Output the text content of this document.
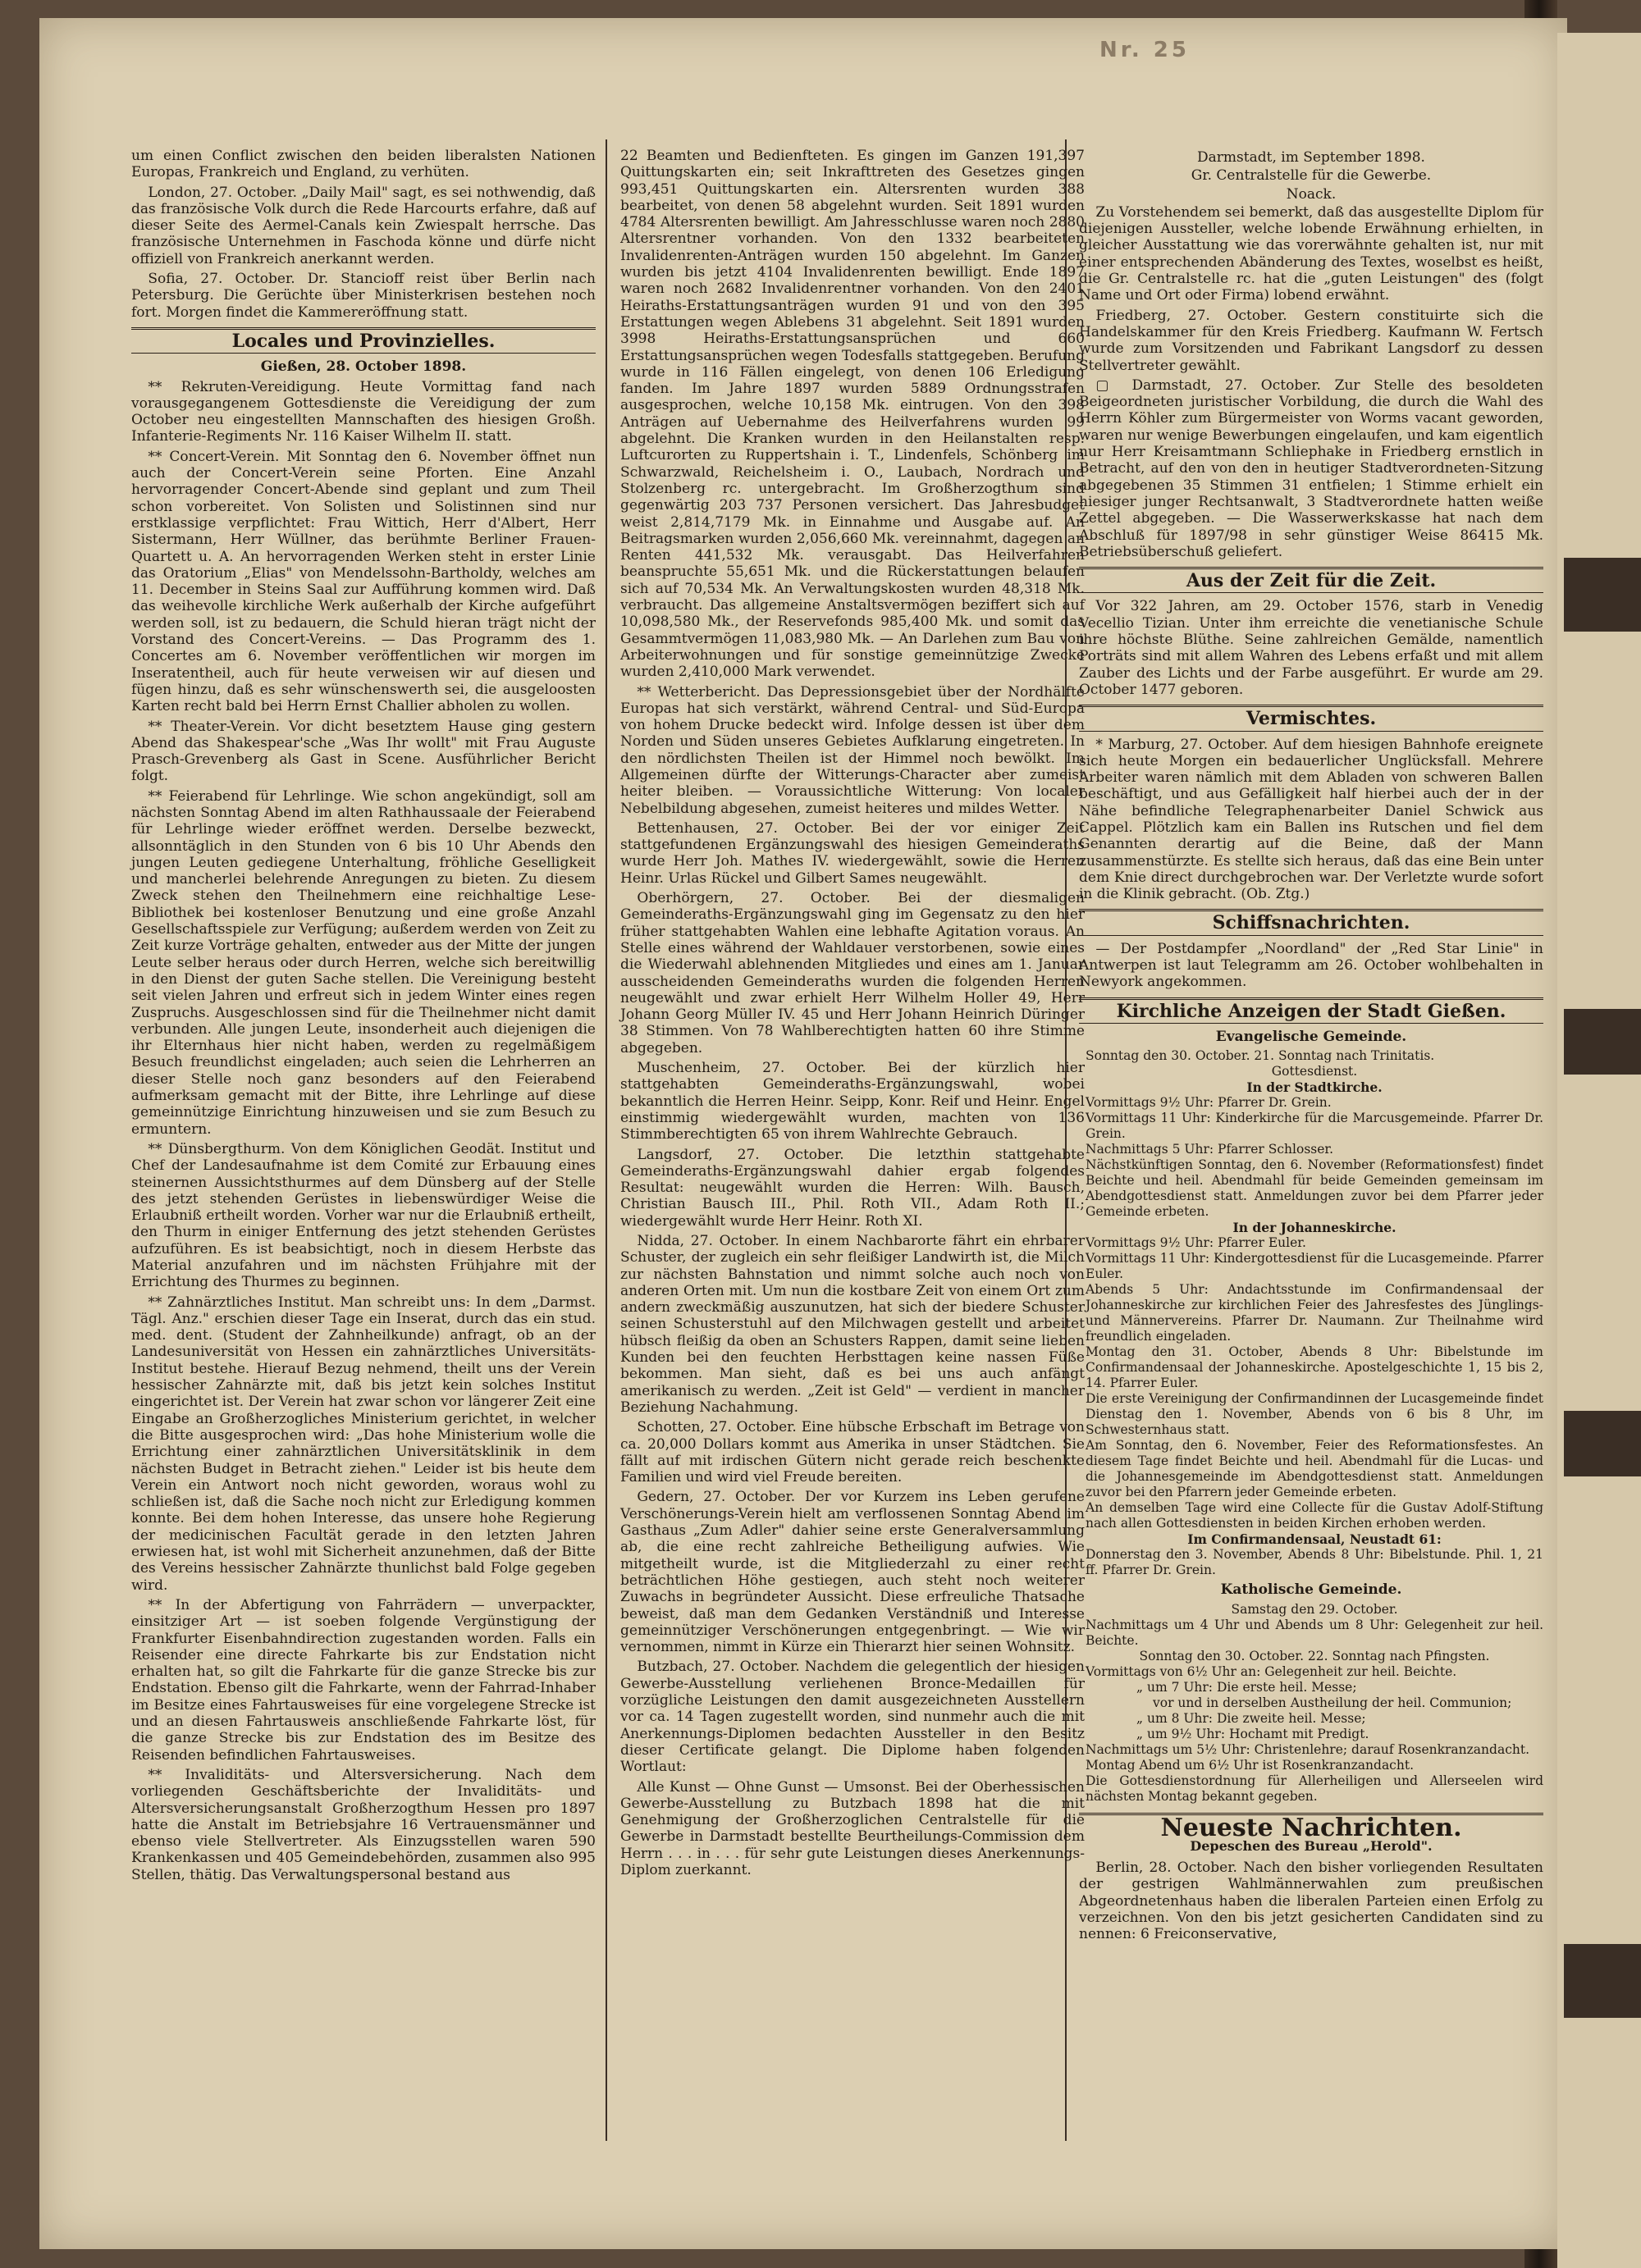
Nr. 25

um einen Conflict zwischen den beiden liberalsten Nationen Europas, Frankreich und England, zu verhüten.

London, 27. October. „Daily Mail" sagt, es sei nothwendig, daß das französische Volk durch die Rede Harcourts erfahre, daß auf dieser Seite des Aermel-Canals kein Zwiespalt herrsche. Das französische Unternehmen in Faschoda könne und dürfe nicht offiziell von Frankreich anerkannt werden.

Sofia, 27. October. Dr. Stancioff reist über Berlin nach Petersburg. Die Gerüchte über Ministerkrisen bestehen noch fort. Morgen findet die Kammereröffnung statt.

Locales und Provinzielles.
Gießen, 28. October 1898.

** Rekruten-Vereidigung. Heute Vormittag fand nach vorausgegangenem Gottesdienste die Vereidigung der zum October neu eingestellten Mannschaften des hiesigen Großh. Infanterie-Regiments Nr. 116 Kaiser Wilhelm II. statt.

** Concert-Verein. Mit Sonntag den 6. November öffnet nun auch der Concert-Verein seine Pforten. Eine Anzahl hervorragender Concert-Abende sind geplant und zum Theil schon vorbereitet. Von Solisten und Solistinnen sind nur erstklassige verpflichtet: Frau Wittich, Herr d'Albert, Herr Sistermann, Herr Wüllner, das berühmte Berliner Frauen-Quartett u. A. An hervorragenden Werken steht in erster Linie das Oratorium „Elias" von Mendelssohn-Bartholdy, welches am 11. December in Steins Saal zur Aufführung kommen wird. Daß das weihevolle kirchliche Werk außerhalb der Kirche aufgeführt werden soll, ist zu bedauern, die Schuld hieran trägt nicht der Vorstand des Concert-Vereins. — Das Programm des 1. Concertes am 6. November veröffentlichen wir morgen im Inseratentheil, auch für heute verweisen wir auf diesen und fügen hinzu, daß es sehr wünschenswerth sei, die ausgeloosten Karten recht bald bei Herrn Ernst Challier abholen zu wollen.

** Theater-Verein. Vor dicht besetztem Hause ging gestern Abend das Shakespear'sche „Was Ihr wollt" mit Frau Auguste Prasch-Grevenberg als Gast in Scene. Ausführlicher Bericht folgt.

** Feierabend für Lehrlinge. Wie schon angekündigt, soll am nächsten Sonntag Abend im alten Rathhaussaale der Feierabend für Lehrlinge wieder eröffnet werden. Derselbe bezweckt, allsonntäglich in den Stunden von 6 bis 10 Uhr Abends den jungen Leuten gediegene Unterhaltung, fröhliche Geselligkeit und mancherlei belehrende Anregungen zu bieten. Zu diesem Zweck stehen den Theilnehmern eine reichhaltige Lese-Bibliothek bei kostenloser Benutzung und eine große Anzahl Gesellschaftsspiele zur Verfügung; außerdem werden von Zeit zu Zeit kurze Vorträge gehalten, entweder aus der Mitte der jungen Leute selber heraus oder durch Herren, welche sich bereitwillig in den Dienst der guten Sache stellen. Die Vereinigung besteht seit vielen Jahren und erfreut sich in jedem Winter eines regen Zuspruchs. Ausgeschlossen sind für die Theilnehmer nicht damit verbunden. Alle jungen Leute, insonderheit auch diejenigen die ihr Elternhaus hier nicht haben, werden zu regelmäßigem Besuch freundlichst eingeladen; auch seien die Lehrherren an dieser Stelle noch ganz besonders auf den Feierabend aufmerksam gemacht mit der Bitte, ihre Lehrlinge auf diese gemeinnützige Einrichtung hinzuweisen und sie zum Besuch zu ermuntern.

** Dünsbergthurm. Von dem Königlichen Geodät. Institut und Chef der Landesaufnahme ist dem Comité zur Erbauung eines steinernen Aussichtsthurmes auf dem Dünsberg auf der Stelle des jetzt stehenden Gerüstes in liebenswürdiger Weise die Erlaubniß ertheilt worden. Vorher war nur die Erlaubniß ertheilt, den Thurm in einiger Entfernung des jetzt stehenden Gerüstes aufzuführen. Es ist beabsichtigt, noch in diesem Herbste das Material anzufahren und im nächsten Frühjahre mit der Errichtung des Thurmes zu beginnen.

** Zahnärztliches Institut. Man schreibt uns: In dem „Darmst. Tägl. Anz." erschien dieser Tage ein Inserat, durch das ein stud. med. dent. (Student der Zahnheilkunde) anfragt, ob an der Landesuniversität von Hessen ein zahnärztliches Universitäts-Institut bestehe. Hierauf Bezug nehmend, theilt uns der Verein hessischer Zahnärzte mit, daß bis jetzt kein solches Institut eingerichtet ist. Der Verein hat zwar schon vor längerer Zeit eine Eingabe an Großherzogliches Ministerium gerichtet, in welcher die Bitte ausgesprochen wird: „Das hohe Ministerium wolle die Errichtung einer zahnärztlichen Universitätsklinik in dem nächsten Budget in Betracht ziehen." Leider ist bis heute dem Verein ein Antwort noch nicht geworden, woraus wohl zu schließen ist, daß die Sache noch nicht zur Erledigung kommen konnte. Bei dem hohen Interesse, das unsere hohe Regierung der medicinischen Facultät gerade in den letzten Jahren erwiesen hat, ist wohl mit Sicherheit anzunehmen, daß der Bitte des Vereins hessischer Zahnärzte thunlichst bald Folge gegeben wird.

** In der Abfertigung von Fahrrädern — unverpackter, einsitziger Art — ist soeben folgende Vergünstigung der Frankfurter Eisenbahndirection zugestanden worden. Falls ein Reisender eine directe Fahrkarte bis zur Endstation nicht erhalten hat, so gilt die Fahrkarte für die ganze Strecke bis zur Endstation. Ebenso gilt die Fahrkarte, wenn der Fahrrad-Inhaber im Besitze eines Fahrtausweises für eine vorgelegene Strecke ist und an diesen Fahrtausweis anschließende Fahrkarte löst, für die ganze Strecke bis zur Endstation des im Besitze des Reisenden befindlichen Fahrtausweises.

** Invaliditäts- und Altersversicherung. Nach dem vorliegenden Geschäftsberichte der Invaliditäts- und Altersversicherungsanstalt Großherzogthum Hessen pro 1897 hatte die Anstalt im Betriebsjahre 16 Vertrauensmänner und ebenso viele Stellvertreter. Als Einzugsstellen waren 590 Krankenkassen und 405 Gemeindebehörden, zusammen also 995 Stellen, thätig. Das Verwaltungspersonal bestand aus

22 Beamten und Bedienfteten. Es gingen im Ganzen 191,397 Quittungskarten ein; seit Inkrafttreten des Gesetzes gingen 993,451 Quittungskarten ein. Altersrenten wurden 388 bearbeitet, von denen 58 abgelehnt wurden. Seit 1891 wurden 4784 Altersrenten bewilligt. Am Jahresschlusse waren noch 2880 Altersrentner vorhanden. Von den 1332 bearbeiteten Invalidenrenten-Anträgen wurden 150 abgelehnt. Im Ganzen wurden bis jetzt 4104 Invalidenrenten bewilligt. Ende 1897 waren noch 2682 Invalidenrentner vorhanden. Von den 2401 Heiraths-Erstattungsanträgen wurden 91 und von den 395 Erstattungen wegen Ablebens 31 abgelehnt. Seit 1891 wurden 3998 Heiraths-Erstattungsansprüchen und 660 Erstattungsansprüchen wegen Todesfalls stattgegeben. Berufung wurde in 116 Fällen eingelegt, von denen 106 Erledigung fanden. Im Jahre 1897 wurden 5889 Ordnungsstrafen ausgesprochen, welche 10,158 Mk. eintrugen. Von den 398 Anträgen auf Uebernahme des Heilverfahrens wurden 99 abgelehnt. Die Kranken wurden in den Heilanstalten resp. Luftcurorten zu Ruppertshain i. T., Lindenfels, Schönberg im Schwarzwald, Reichelsheim i. O., Laubach, Nordrach und Stolzenberg rc. untergebracht. Im Großherzogthum sind gegenwärtig 203 737 Personen versichert. Das Jahresbudget weist 2,814,7179 Mk. in Einnahme und Ausgabe auf. An Beitragsmarken wurden 2,056,660 Mk. vereinnahmt, dagegen an Renten 441,532 Mk. verausgabt. Das Heilverfahren beanspruchte 55,651 Mk. und die Rückerstattungen belaufen sich auf 70,534 Mk. An Verwaltungskosten wurden 48,318 Mk. verbraucht. Das allgemeine Anstaltsvermögen beziffert sich auf 10,098,580 Mk., der Reservefonds 985,400 Mk. und somit das Gesammtvermögen 11,083,980 Mk. — An Darlehen zum Bau von Arbeiterwohnungen und für sonstige gemeinnützige Zwecke wurden 2,410,000 Mark verwendet.

** Wetterbericht. Das Depressionsgebiet über der Nordhälfte Europas hat sich verstärkt, während Central- und Süd-Europa von hohem Drucke bedeckt wird. Infolge dessen ist über dem Norden und Süden unseres Gebietes Aufklarung eingetreten. In den nördlichsten Theilen ist der Himmel noch bewölkt. Im Allgemeinen dürfte der Witterungs-Character aber zumeist heiter bleiben. — Voraussichtliche Witterung: Von localer Nebelbildung abgesehen, zumeist heiteres und mildes Wetter.

Bettenhausen, 27. October. Bei der vor einiger Zeit stattgefundenen Ergänzungswahl des hiesigen Gemeinderaths wurde Herr Joh. Mathes IV. wiedergewählt, sowie die Herren Heinr. Urlas Rückel und Gilbert Sames neugewählt.

Oberhörgern, 27. October. Bei der diesmaligen Gemeinderaths-Ergänzungswahl ging im Gegensatz zu den hier früher stattgehabten Wahlen eine lebhafte Agitation voraus. An Stelle eines während der Wahldauer verstorbenen, sowie eines die Wiederwahl ablehnenden Mitgliedes und eines am 1. Januar ausscheidenden Gemeinderaths wurden die folgenden Herren neugewählt und zwar erhielt Herr Wilhelm Holler 49, Herr Johann Georg Müller IV. 45 und Herr Johann Heinrich Düringer 38 Stimmen. Von 78 Wahlberechtigten hatten 60 ihre Stimme abgegeben.

Muschenheim, 27. October. Bei der kürzlich hier stattgehabten Gemeinderaths-Ergänzungswahl, wobei bekanntlich die Herren Heinr. Seipp, Konr. Reif und Heinr. Engel einstimmig wiedergewählt wurden, machten von 136 Stimmberechtigten 65 von ihrem Wahlrechte Gebrauch.

Langsdorf, 27. October. Die letzthin stattgehabte Gemeinderaths-Ergänzungswahl dahier ergab folgendes Resultat: neugewählt wurden die Herren: Wilh. Bausch, Christian Bausch III., Phil. Roth VII., Adam Roth II.; wiedergewählt wurde Herr Heinr. Roth XI.

Nidda, 27. October. In einem Nachbarorte fährt ein ehrbarer Schuster, der zugleich ein sehr fleißiger Landwirth ist, die Milch zur nächsten Bahnstation und nimmt solche auch noch von anderen Orten mit. Um nun die kostbare Zeit von einem Ort zum andern zweckmäßig auszunutzen, hat sich der biedere Schuster seinen Schusterstuhl auf den Milchwagen gestellt und arbeitet hübsch fleißig da oben an Schusters Rappen, damit seine lieben Kunden bei den feuchten Herbsttagen keine nassen Füße bekommen. Man sieht, daß es bei uns auch anfängt amerikanisch zu werden. „Zeit ist Geld" — verdient in mancher Beziehung Nachahmung.

Schotten, 27. October. Eine hübsche Erbschaft im Betrage von ca. 20,000 Dollars kommt aus Amerika in unser Städtchen. Sie fällt auf mit irdischen Gütern nicht gerade reich beschenkte Familien und wird viel Freude bereiten.

Gedern, 27. October. Der vor Kurzem ins Leben gerufene Verschönerungs-Verein hielt am verflossenen Sonntag Abend im Gasthaus „Zum Adler" dahier seine erste Generalversammlung ab, die eine recht zahlreiche Betheiligung aufwies. Wie mitgetheilt wurde, ist die Mitgliederzahl zu einer recht beträchtlichen Höhe gestiegen, auch steht noch weiterer Zuwachs in begründeter Aussicht. Diese erfreuliche Thatsache beweist, daß man dem Gedanken Verständniß und Interesse gemeinnütziger Verschönerungen entgegenbringt. — Wie wir vernommen, nimmt in Kürze ein Thierarzt hier seinen Wohnsitz.

Butzbach, 27. October. Nachdem die gelegentlich der hiesigen Gewerbe-Ausstellung verliehenen Bronce-Medaillen für vorzügliche Leistungen den damit ausgezeichneten Ausstellern vor ca. 14 Tagen zugestellt worden, sind nunmehr auch die mit Anerkennungs-Diplomen bedachten Aussteller in den Besitz dieser Certificate gelangt. Die Diplome haben folgenden Wortlaut:

Alle Kunst — Ohne Gunst — Umsonst. Bei der Oberhessischen Gewerbe-Ausstellung zu Butzbach 1898 hat die mit Genehmigung der Großherzoglichen Centralstelle für die Gewerbe in Darmstadt bestellte Beurtheilungs-Commission dem Herrn . . . in . . . für sehr gute Leistungen dieses Anerkennungs-Diplom zuerkannt.

Darmstadt, im September 1898.
Gr. Centralstelle für die Gewerbe.
Noack.

Zu Vorstehendem sei bemerkt, daß das ausgestellte Diplom für diejenigen Aussteller, welche lobende Erwähnung erhielten, in gleicher Ausstattung wie das vorerwähnte gehalten ist, nur mit einer entsprechenden Abänderung des Textes, woselbst es heißt, die Gr. Centralstelle rc. hat die „guten Leistungen" des (folgt Name und Ort oder Firma) lobend erwähnt.

Friedberg, 27. October. Gestern constituirte sich die Handelskammer für den Kreis Friedberg. Kaufmann W. Fertsch wurde zum Vorsitzenden und Fabrikant Langsdorf zu dessen Stellvertreter gewählt.

▢ Darmstadt, 27. October. Zur Stelle des besoldeten Beigeordneten juristischer Vorbildung, die durch die Wahl des Herrn Köhler zum Bürgermeister von Worms vacant geworden, waren nur wenige Bewerbungen eingelaufen, und kam eigentlich nur Herr Kreisamtmann Schliephake in Friedberg ernstlich in Betracht, auf den von den in heutiger Stadtverordneten-Sitzung abgegebenen 35 Stimmen 31 entfielen; 1 Stimme erhielt ein hiesiger junger Rechtsanwalt, 3 Stadtverordnete hatten weiße Zettel abgegeben. — Die Wasserwerkskasse hat nach dem Abschluß für 1897/98 in sehr günstiger Weise 86415 Mk. Betriebsüberschuß geliefert.

Aus der Zeit für die Zeit.

Vor 322 Jahren, am 29. October 1576, starb in Venedig Vecellio Tizian. Unter ihm erreichte die venetianische Schule ihre höchste Blüthe. Seine zahlreichen Gemälde, namentlich Porträts sind mit allem Wahren des Lebens erfaßt und mit allem Zauber des Lichts und der Farbe ausgeführt. Er wurde am 29. October 1477 geboren.

Vermischtes.

* Marburg, 27. October. Auf dem hiesigen Bahnhofe ereignete sich heute Morgen ein bedauerlicher Unglücksfall. Mehrere Arbeiter waren nämlich mit dem Abladen von schweren Ballen beschäftigt, und aus Gefälligkeit half hierbei auch der in der Nähe befindliche Telegraphenarbeiter Daniel Schwick aus Cappel. Plötzlich kam ein Ballen ins Rutschen und fiel dem Genannten derartig auf die Beine, daß der Mann zusammenstürzte. Es stellte sich heraus, daß das eine Bein unter dem Knie direct durchgebrochen war. Der Verletzte wurde sofort in die Klinik gebracht. (Ob. Ztg.)

Schiffsnachrichten.

— Der Postdampfer „Noordland" der „Red Star Linie" in Antwerpen ist laut Telegramm am 26. October wohlbehalten in Newyork angekommen.

Kirchliche Anzeigen der Stadt Gießen.
Evangelische Gemeinde.
Sonntag den 30. October. 21. Sonntag nach Trinitatis.
Gottesdienst.
In der Stadtkirche.
Vormittags 9½ Uhr: Pfarrer Dr. Grein.
Vormittags 11 Uhr: Kinderkirche für die Marcusgemeinde. Pfarrer Dr. Grein.
Nachmittags 5 Uhr: Pfarrer Schlosser.
Nächstkünftigen Sonntag, den 6. November (Reformationsfest) findet Beichte und heil. Abendmahl für beide Gemeinden gemeinsam im Abendgottesdienst statt. Anmeldungen zuvor bei dem Pfarrer jeder Gemeinde erbeten.
In der Johanneskirche.
Vormittags 9½ Uhr: Pfarrer Euler.
Vormittags 11 Uhr: Kindergottesdienst für die Lucasgemeinde. Pfarrer Euler.
Abends 5 Uhr: Andachtsstunde im Confirmandensaal der Johanneskirche zur kirchlichen Feier des Jahresfestes des Jünglings- und Männervereins. Pfarrer Dr. Naumann. Zur Theilnahme wird freundlich eingeladen.
Montag den 31. October, Abends 8 Uhr: Bibelstunde im Confirmandensaal der Johanneskirche. Apostelgeschichte 1, 15 bis 2, 14. Pfarrer Euler.
Die erste Vereinigung der Confirmandinnen der Lucasgemeinde findet Dienstag den 1. November, Abends von 6 bis 8 Uhr, im Schwesternhaus statt.
Am Sonntag, den 6. November, Feier des Reformationsfestes. An diesem Tage findet Beichte und heil. Abendmahl für die Lucas- und die Johannesgemeinde im Abendgottesdienst statt. Anmeldungen zuvor bei den Pfarrern jeder Gemeinde erbeten.
An demselben Tage wird eine Collecte für die Gustav Adolf-Stiftung nach allen Gottesdiensten in beiden Kirchen erhoben werden.
Im Confirmandensaal, Neustadt 61:
Donnerstag den 3. November, Abends 8 Uhr: Bibelstunde. Phil. 1, 21 ff. Pfarrer Dr. Grein.
Katholische Gemeinde.
Samstag den 29. October.
Nachmittags um 4 Uhr und Abends um 8 Uhr: Gelegenheit zur heil. Beichte.
Sonntag den 30. October. 22. Sonntag nach Pfingsten.
Vormittags von 6½ Uhr an: Gelegenheit zur heil. Beichte.
„ um 7 Uhr: Die erste heil. Messe;
vor und in derselben Austheilung der heil. Communion;
„ um 8 Uhr: Die zweite heil. Messe;
„ um 9½ Uhr: Hochamt mit Predigt.
Nachmittags um 5½ Uhr: Christenlehre; darauf Rosenkranzandacht.
Montag Abend um 6½ Uhr ist Rosenkranzandacht.
Die Gottesdienstordnung für Allerheiligen und Allerseelen wird nächsten Montag bekannt gegeben.
Neueste Nachrichten.
Depeschen des Bureau „Herold".

Berlin, 28. October. Nach den bisher vorliegenden Resultaten der gestrigen Wahlmännerwahlen zum preußischen Abgeordnetenhaus haben die liberalen Parteien einen Erfolg zu verzeichnen. Von den bis jetzt gesicherten Candidaten sind zu nennen: 6 Freiconservative,
